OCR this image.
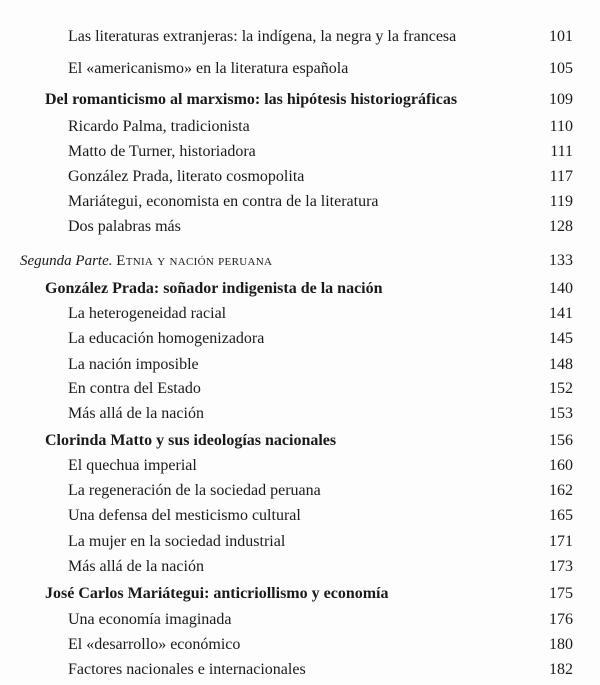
Las literaturas extranjeras: la indígena, la negra y la francesa	101
El «americanismo» en la literatura española	105
Del romanticismo al marxismo: las hipótesis historiográficas	109
Ricardo Palma, tradicionista	110
Matto de Turner, historiadora	111
González Prada, literato cosmopolita	117
Mariátegui, economista en contra de la literatura	119
Dos palabras más	128
Segunda Parte. Etnia y nación peruana	133
González Prada: soñador indigenista de la nación	140
La heterogeneidad racial	141
La educación homogenizadora	145
La nación imposible	148
En contra del Estado	152
Más allá de la nación	153
Clorinda Matto y sus ideologías nacionales	156
El quechua imperial	160
La regeneración de la sociedad peruana	162
Una defensa del mesticismo cultural	165
La mujer en la sociedad industrial	171
Más allá de la nación	173
José Carlos Mariátegui: anticriollismo y economía	175
Una economía imaginada	176
El «desarrollo» económico	180
Factores nacionales e internacionales	182
